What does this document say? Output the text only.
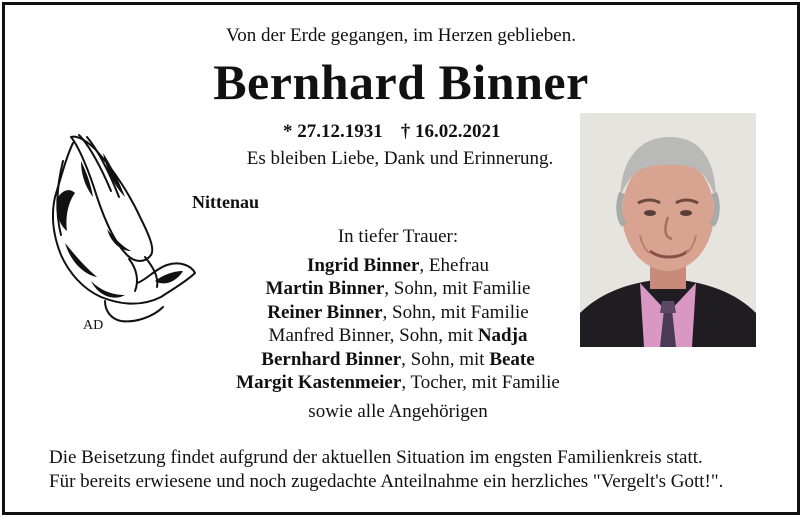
Von der Erde gegangen, im Herzen geblieben.
Bernhard Binner
* 27.12.1931 † 16.02.2021
Es bleiben Liebe, Dank und Erinnerung.
Nittenau
AD
In tiefer Trauer:
Ingrid Binner, Ehefrau
Martin Binner, Sohn, mit Familie
Reiner Binner, Sohn, mit Familie
Manfred Binner, Sohn, mit Nadja
Bernhard Binner, Sohn, mit Beate
Margit Kastenmeier, Tocher, mit Familie
sowie alle Angehörigen
Die Beisetzung findet aufgrund der aktuellen Situation im engsten Familienkreis statt.
Für bereits erwiesene und noch zugedachte Anteilnahme ein herzliches "Vergelt's Gott!".
